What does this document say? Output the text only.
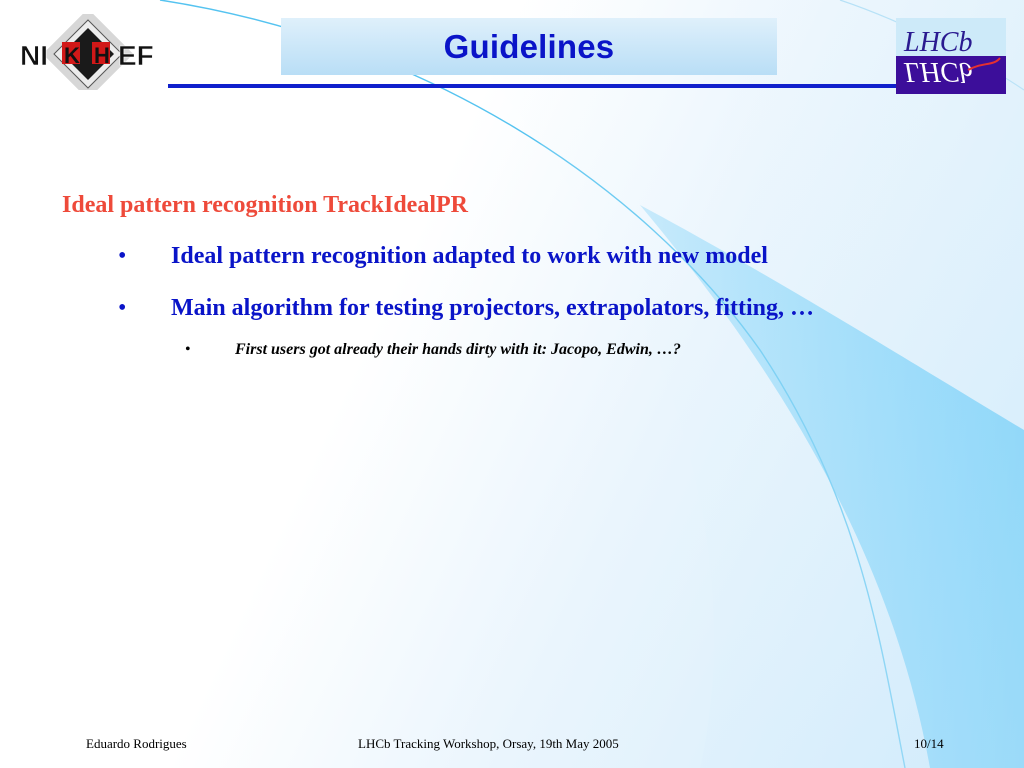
NI K H EF	Guidelines	LHCb
LHCb
Ideal pattern recognition TrackIdealPR
•	Ideal pattern recognition adapted to work with new model
•	Main algorithm for testing projectors, extrapolators, fitting, …
•	First users got already their hands dirty with it: Jacopo, Edwin, …?
Eduardo Rodrigues	LHCb Tracking Workshop, Orsay, 19th May 2005	10/14
